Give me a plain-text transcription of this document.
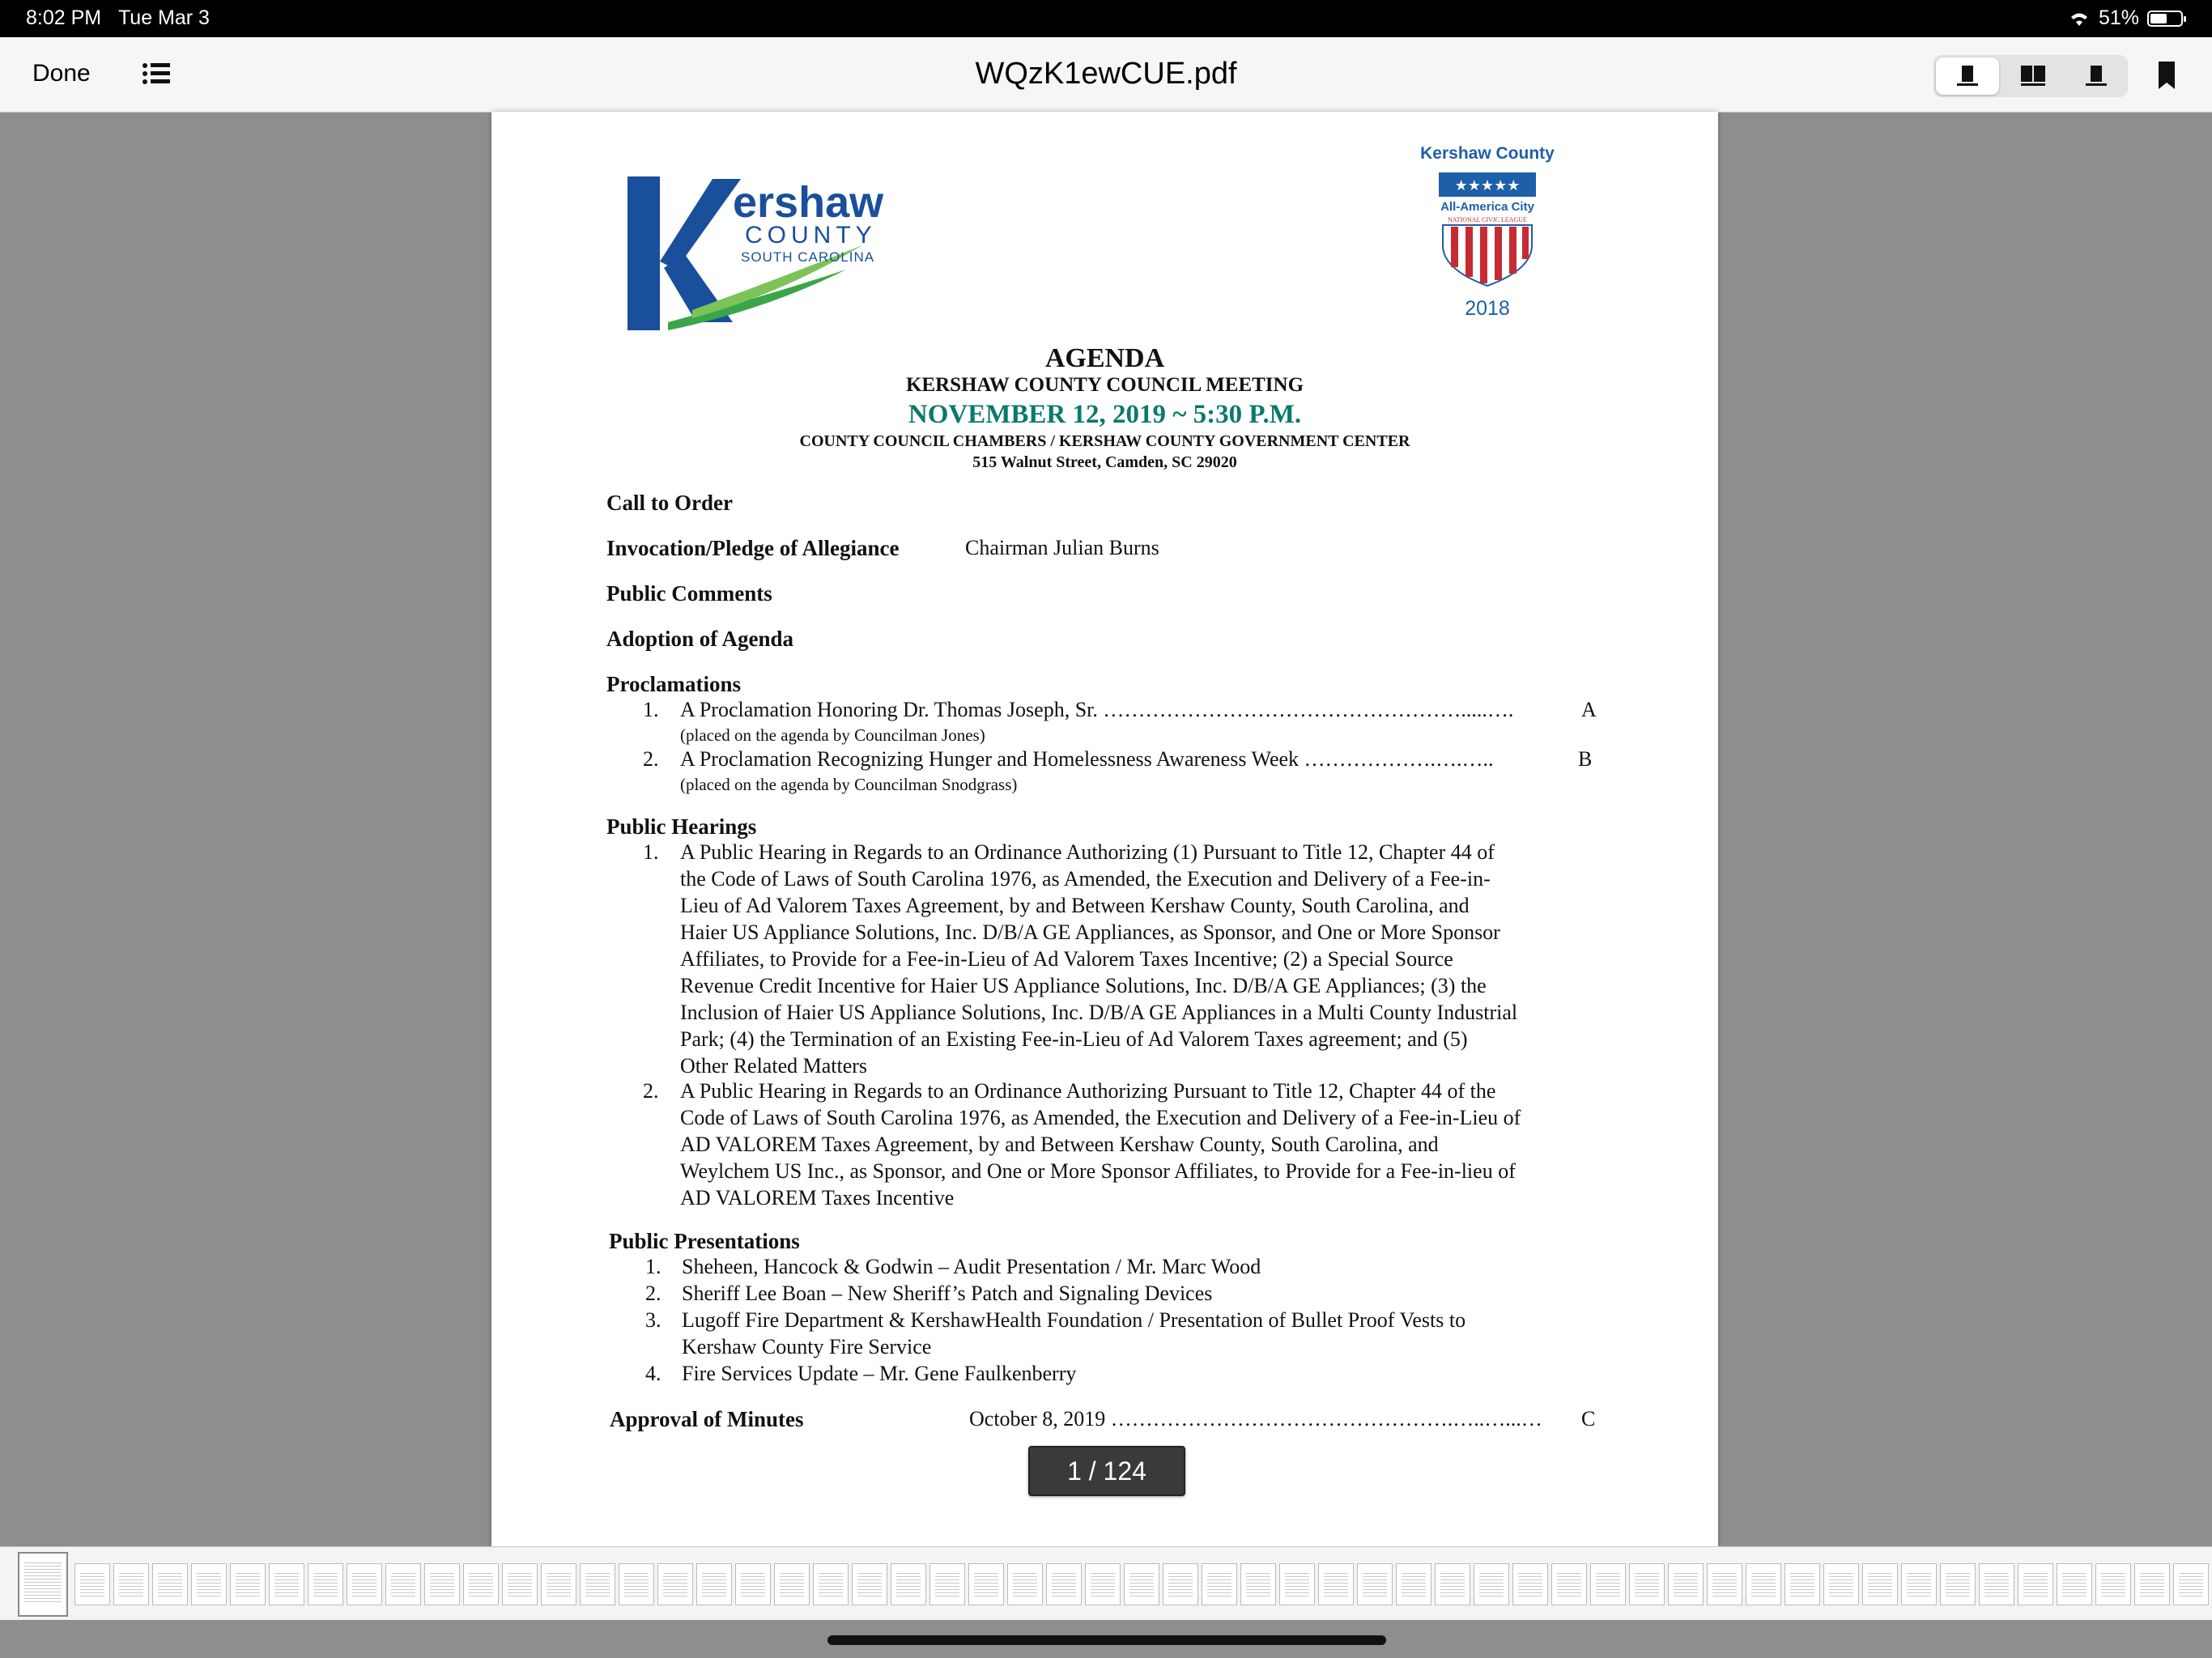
8:02 PM Tue Mar 3	51%
Done	WQzK1ewCUE.pdf
ershaw
COUNTY
SOUTH CAROLINA
Kershaw County
★★★★★
All-America City
NATIONAL CIVIC LEAGUE
2018
AGENDA
KERSHAW COUNTY COUNCIL MEETING
NOVEMBER 12, 2019 ~ 5:30 P.M.
COUNTY COUNCIL CHAMBERS / KERSHAW COUNTY GOVERNMENT CENTER
515 Walnut Street, Camden, SC 29020
Call to Order
Invocation/Pledge of Allegiance	Chairman Julian Burns
Public Comments
Adoption of Agenda
Proclamations
1. A Proclamation Honoring Dr. Thomas Joseph, Sr. …………………………………………….....….	A
(placed on the agenda by Councilman Jones)
2. A Proclamation Recognizing Hunger and Homelessness Awareness Week ……………….….…..	B
(placed on the agenda by Councilman Snodgrass)
Public Hearings
1. A Public Hearing in Regards to an Ordinance Authorizing (1) Pursuant to Title 12, Chapter 44 of
the Code of Laws of South Carolina 1976, as Amended, the Execution and Delivery of a Fee-in-
Lieu of Ad Valorem Taxes Agreement, by and Between Kershaw County, South Carolina, and
Haier US Appliance Solutions, Inc. D/B/A GE Appliances, as Sponsor, and One or More Sponsor
Affiliates, to Provide for a Fee-in-Lieu of Ad Valorem Taxes Incentive; (2) a Special Source
Revenue Credit Incentive for Haier US Appliance Solutions, Inc. D/B/A GE Appliances; (3) the
Inclusion of Haier US Appliance Solutions, Inc. D/B/A GE Appliances in a Multi County Industrial
Park; (4) the Termination of an Existing Fee-in-Lieu of Ad Valorem Taxes agreement; and (5)
Other Related Matters
2. A Public Hearing in Regards to an Ordinance Authorizing Pursuant to Title 12, Chapter 44 of the
Code of Laws of South Carolina 1976, as Amended, the Execution and Delivery of a Fee-in-Lieu of
AD VALOREM Taxes Agreement, by and Between Kershaw County, South Carolina, and
Weylchem US Inc., as Sponsor, and One or More Sponsor Affiliates, to Provide for a Fee-in-lieu of
AD VALOREM Taxes Incentive
Public Presentations
1. Sheheen, Hancock & Godwin – Audit Presentation / Mr. Marc Wood
2. Sheriff Lee Boan – New Sheriff’s Patch and Signaling Devices
3. Lugoff Fire Department & KershawHealth Foundation / Presentation of Bullet Proof Vests to
Kershaw County Fire Service
4. Fire Services Update – Mr. Gene Faulkenberry
Approval of Minutes	October 8, 2019 ………………………………………….…..…...… C
1 / 124
